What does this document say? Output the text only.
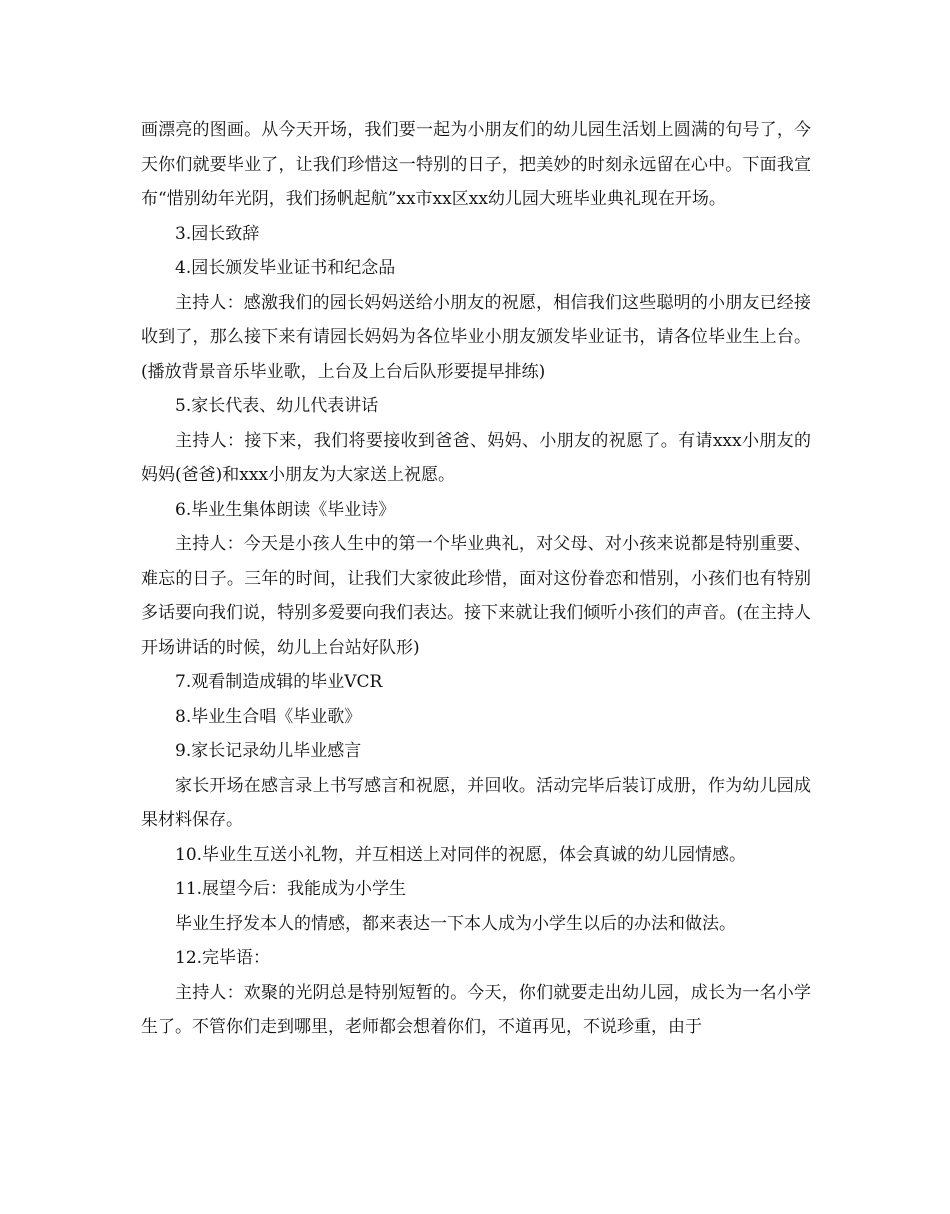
画漂亮的图画。从今天开场，我们要一起为小朋友们的幼儿园生活划上圆满的句号了，今天你们就要毕业了，让我们珍惜这一特别的日子，把美妙的时刻永远留在心中。下面我宣布“惜别幼年光阴，我们扬帆起航”xx市xx区xx幼儿园大班毕业典礼现在开场。

3.园长致辞

4.园长颁发毕业证书和纪念品

主持人：感激我们的园长妈妈送给小朋友的祝愿，相信我们这些聪明的小朋友已经接收到了，那么接下来有请园长妈妈为各位毕业小朋友颁发毕业证书，请各位毕业生上台。(播放背景音乐毕业歌，上台及上台后队形要提早排练)

5.家长代表、幼儿代表讲话

主持人：接下来，我们将要接收到爸爸、妈妈、小朋友的祝愿了。有请xxx小朋友的妈妈(爸爸)和xxx小朋友为大家送上祝愿。

6.毕业生集体朗读《毕业诗》

主持人：今天是小孩人生中的第一个毕业典礼，对父母、对小孩来说都是特别重要、难忘的日子。三年的时间，让我们大家彼此珍惜，面对这份眷恋和惜别，小孩们也有特别多话要向我们说，特别多爱要向我们表达。接下来就让我们倾听小孩们的声音。(在主持人开场讲话的时候，幼儿上台站好队形)

7.观看制造成辑的毕业VCR

8.毕业生合唱《毕业歌》

9.家长记录幼儿毕业感言

家长开场在感言录上书写感言和祝愿，并回收。活动完毕后装订成册，作为幼儿园成果材料保存。

10.毕业生互送小礼物，并互相送上对同伴的祝愿，体会真诚的幼儿园情感。

11.展望今后：我能成为小学生

毕业生抒发本人的情感，都来表达一下本人成为小学生以后的办法和做法。

12.完毕语：

主持人：欢聚的光阴总是特别短暂的。今天，你们就要走出幼儿园，成长为一名小学生了。不管你们走到哪里，老师都会想着你们，不道再见，不说珍重，由于
